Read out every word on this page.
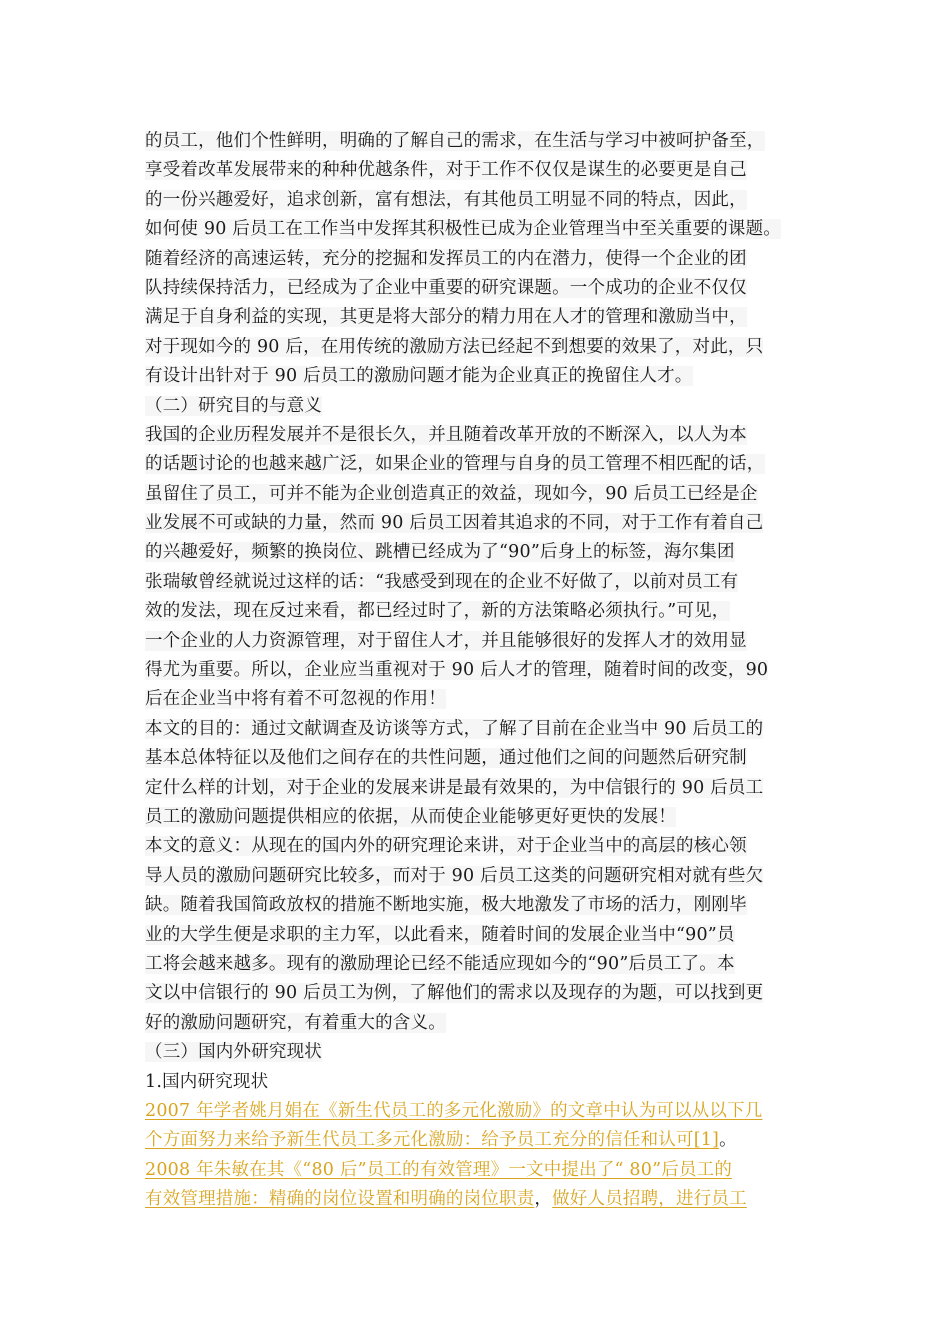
的员工，他们个性鲜明，明确的了解自己的需求，在生活与学习中被呵护备至，
享受着改革发展带来的种种优越条件，对于工作不仅仅是谋生的必要更是自己
的一份兴趣爱好，追求创新，富有想法，有其他员工明显不同的特点，因此，
如何使 90 后员工在工作当中发挥其积极性已成为企业管理当中至关重要的课题。
随着经济的高速运转，充分的挖掘和发挥员工的内在潜力，使得一个企业的团
队持续保持活力，已经成为了企业中重要的研究课题。一个成功的企业不仅仅
满足于自身利益的实现，其更是将大部分的精力用在人才的管理和激励当中，
对于现如今的 90 后，在用传统的激励方法已经起不到想要的效果了，对此，只
有设计出针对于 90 后员工的激励问题才能为企业真正的挽留住人才。
（二）研究目的与意义
我国的企业历程发展并不是很长久，并且随着改革开放的不断深入，以人为本
的话题讨论的也越来越广泛，如果企业的管理与自身的员工管理不相匹配的话，
虽留住了员工，可并不能为企业创造真正的效益，现如今，90 后员工已经是企
业发展不可或缺的力量，然而 90 后员工因着其追求的不同，对于工作有着自己
的兴趣爱好，频繁的换岗位、跳槽已经成为了“90”后身上的标签，海尔集团
张瑞敏曾经就说过这样的话：“我感受到现在的企业不好做了，以前对员工有
效的发法，现在反过来看，都已经过时了，新的方法策略必须执行。”可见，
一个企业的人力资源管理，对于留住人才，并且能够很好的发挥人才的效用显
得尤为重要。所以，企业应当重视对于 90 后人才的管理，随着时间的改变，90
后在企业当中将有着不可忽视的作用！
本文的目的：通过文献调查及访谈等方式，了解了目前在企业当中 90 后员工的
基本总体特征以及他们之间存在的共性问题，通过他们之间的问题然后研究制
定什么样的计划，对于企业的发展来讲是最有效果的，为中信银行的 90 后员工
员工的激励问题提供相应的依据，从而使企业能够更好更快的发展！
本文的意义：从现在的国内外的研究理论来讲，对于企业当中的高层的核心领
导人员的激励问题研究比较多，而对于 90 后员工这类的问题研究相对就有些欠
缺。随着我国简政放权的措施不断地实施，极大地激发了市场的活力，刚刚毕
业的大学生便是求职的主力军，以此看来，随着时间的发展企业当中“90”员
工将会越来越多。现有的激励理论已经不能适应现如今的“90”后员工了。本
文以中信银行的 90 后员工为例，了解他们的需求以及现存的为题，可以找到更
好的激励问题研究，有着重大的含义。
（三）国内外研究现状
1.国内研究现状
2007 年学者姚月娟在《新生代员工的多元化激励》的文章中认为可以从以下几
个方面努力来给予新生代员工多元化激励：给予员工充分的信任和认可[1]。
2008 年朱敏在其《“80 后”员工的有效管理》一文中提出了“ 80”后员工的
有效管理措施：精确的岗位设置和明确的岗位职责，做好人员招聘，进行员工
